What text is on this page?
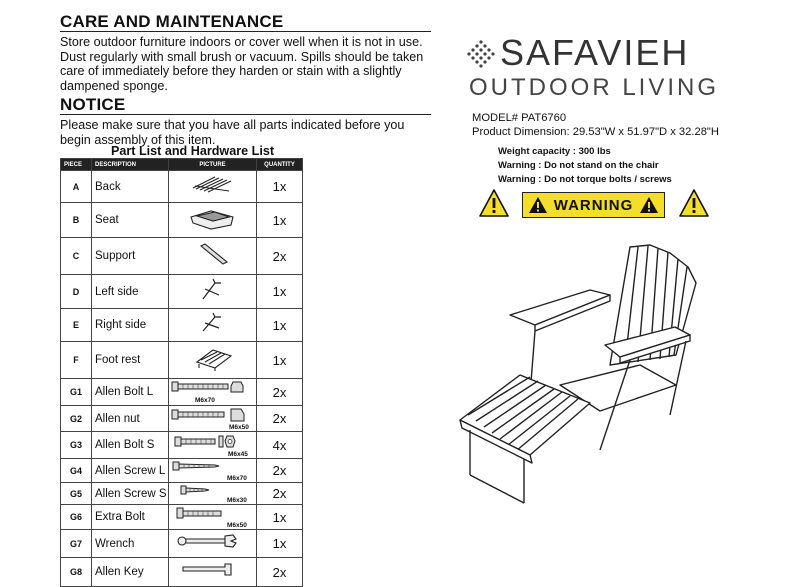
CARE AND MAINTENANCE
Store outdoor furniture indoors or cover well when it is not in use.
Dust regularly with small brush or vacuum. Spills should be taken
care of immediately before they harden or stain with a slightly
dampened sponge.
NOTICE
Please make sure that you have all parts indicated before you
begin assembly of this item.
Part List and Hardware List
PIECE	DESCRIPTION	PICTURE	QUANTITY
A	Back		1x
B	Seat		1x
C	Support		2x
D	Left side		1x
E	Right side		1x
F	Foot rest		1x
G1	Allen Bolt L	M6x70	2x
G2	Allen nut	M6x50	2x
G3	Allen Bolt S	M6x45	4x
G4	Allen Screw L	M6x70	2x
G5	Allen Screw S	M6x30	2x
G6	Extra Bolt	M6x50	1x
G7	Wrench		1x
G8	Allen Key		2x
SAFAVIEH
OUTDOOR LIVING
MODEL# PAT6760
Product Dimension: 29.53"W x 51.97"D x 32.28"H
Weight capacity : 300 lbs
Warning : Do not stand on the chair
Warning : Do not torque bolts / screws
WARNING
